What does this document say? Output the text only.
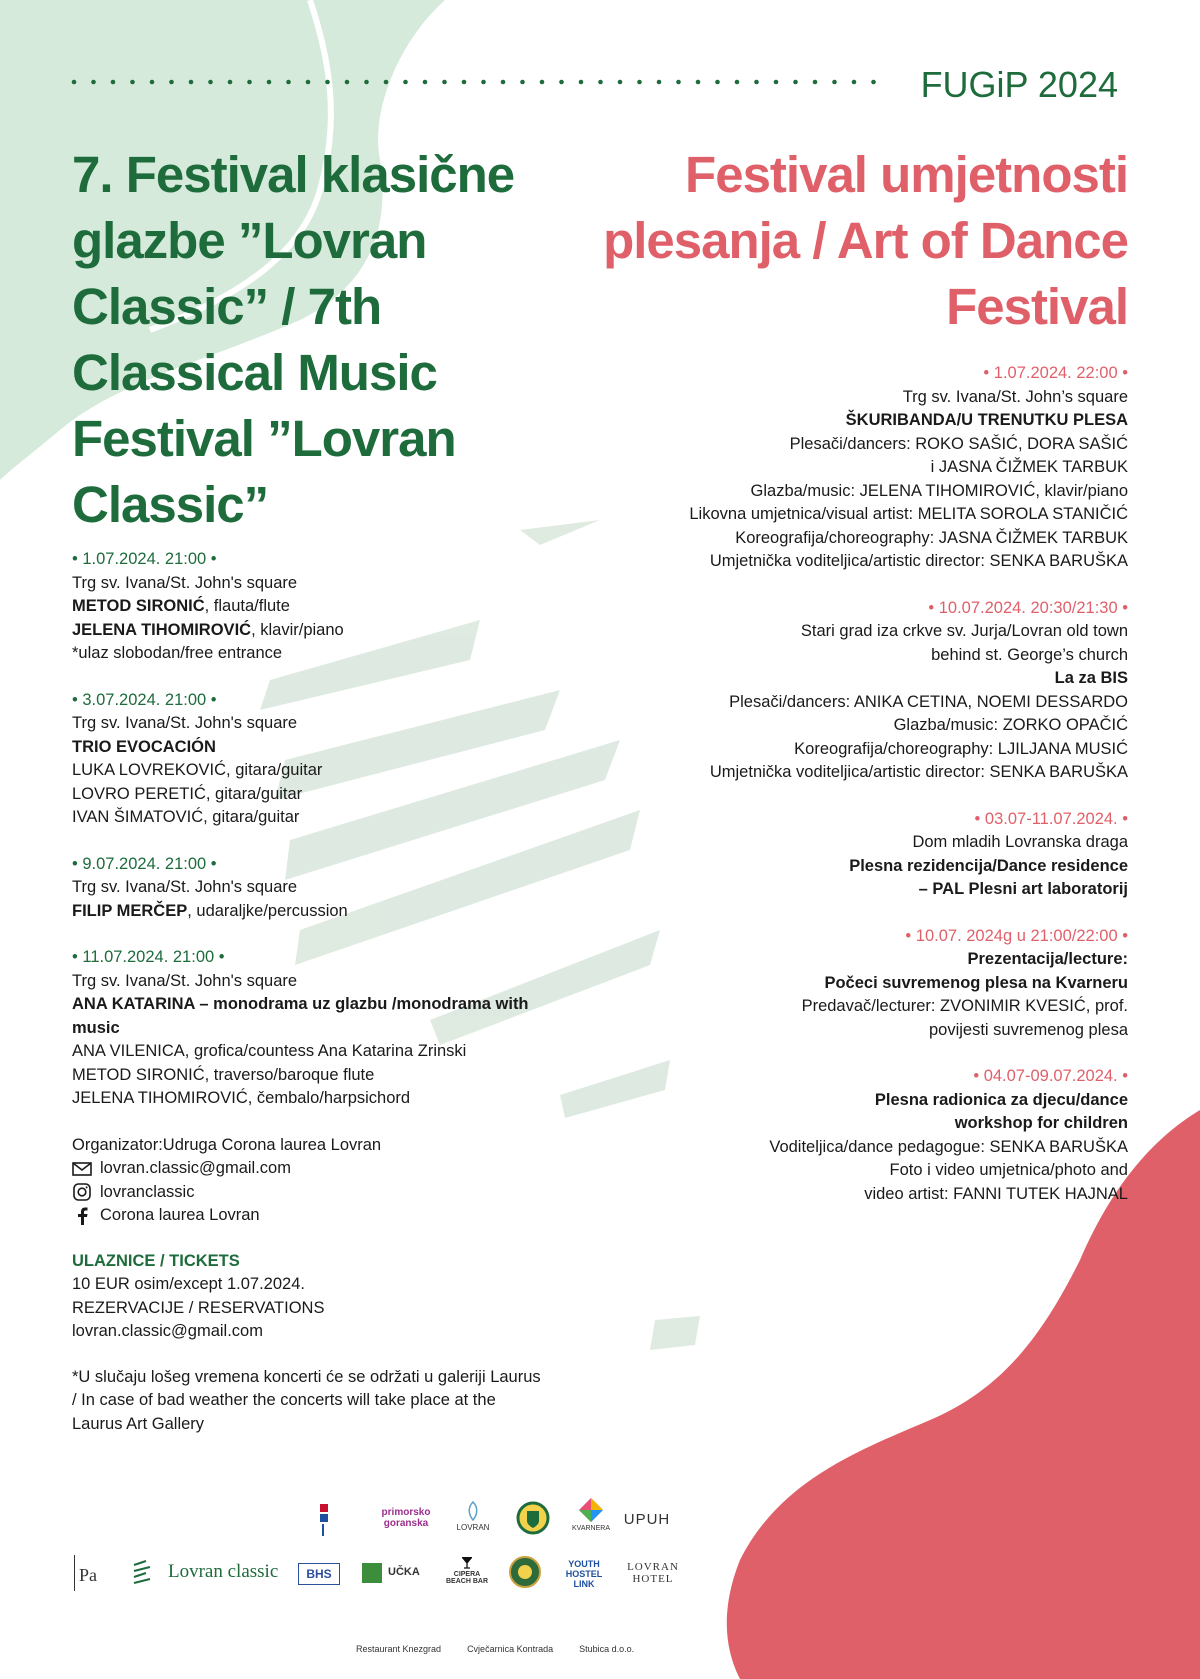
FUGiP 2024
7. Festival klasične glazbe ”Lovran Classic” / 7th Classical Music Festival ”Lovran Classic”
Festival umjetnosti plesanja / Art of Dance Festival
• 1.07.2024. 21:00 •
Trg sv. Ivana/St. John's square
METOD SIRONIĆ, flauta/flute
JELENA TIHOMIROVIĆ, klavir/piano
*ulaz slobodan/free entrance
• 3.07.2024. 21:00 •
Trg sv. Ivana/St. John's square
TRIO EVOCACIÓN
LUKA LOVREKOVIĆ, gitara/guitar
LOVRO PERETIĆ, gitara/guitar
IVAN ŠIMATOVIĆ, gitara/guitar
• 9.07.2024. 21:00 •
Trg sv. Ivana/St. John's square
FILIP MERČEP, udaraljke/percussion
• 11.07.2024. 21:00 •
Trg sv. Ivana/St. John's square
ANA KATARINA – monodrama uz glazbu /monodrama with music
ANA VILENICA, grofica/countess Ana Katarina Zrinski
METOD SIRONIĆ, traverso/baroque flute
JELENA TIHOMIROVIĆ, čembalo/harpsichord
Organizator:Udruga Corona laurea Lovran
lovran.classic@gmail.com
lovranclassic
Corona laurea Lovran
ULAZNICE / TICKETS
10 EUR osim/except 1.07.2024.
REZERVACIJE / RESERVATIONS
lovran.classic@gmail.com
*U slučaju lošeg vremena koncerti će se održati u galeriji Laurus / In case of bad weather the concerts will take place at the Laurus Art Gallery
• 1.07.2024. 22:00 •
Trg sv. Ivana/St. John’s square
ŠKURIBANDA/U TRENUTKU PLESA
Plesači/dancers: ROKO SAŠIĆ, DORA SAŠIĆ
i JASNA ČIŽMEK TARBUK
Glazba/music: JELENA TIHOMIROVIĆ, klavir/piano
Likovna umjetnica/visual artist: MELITA SOROLA STANIČIĆ
Koreografija/choreography: JASNA ČIŽMEK TARBUK
Umjetnička voditeljica/artistic director: SENKA BARUŠKA
• 10.07.2024. 20:30/21:30 •
Stari grad iza crkve sv. Jurja/Lovran old town
behind st. George’s church
La za BIS
Plesači/dancers: ANIKA CETINA, NOEMI DESSARDO
Glazba/music: ZORKO OPAČIĆ
Koreografija/choreography: LJILJANA MUSIĆ
Umjetnička voditeljica/artistic director: SENKA BARUŠKA
• 03.07-11.07.2024. •
Dom mladih Lovranska draga
Plesna rezidencija/Dance residence
– PAL Plesni art laboratorij
• 10.07. 2024g u 21:00/22:00 •
Prezentacija/lecture:
Počeci suvremenog plesa na Kvarneru
Predavač/lecturer: ZVONIMIR KVESIĆ, prof.
povijesti suvremenog plesa
• 04.07-09.07.2024. •
Plesna radionica za djecu/dance
workshop for children
Voditeljica/dance pedagogue: SENKA BARUŠKA
Foto i video umjetnica/photo and
video artist: FANNI TUTEK HAJNAL
Pa	Lovran classic
primorsko goranska	LOVRAN	KVARNERA
UPUH
BHS	UČKA	CIPERA BEACH BAR
YOUTH HOSTEL LINK
LOVRAN HOTEL
Restaurant Knezgrad	Cvječarnica Kontrada	Stubica d.o.o.
